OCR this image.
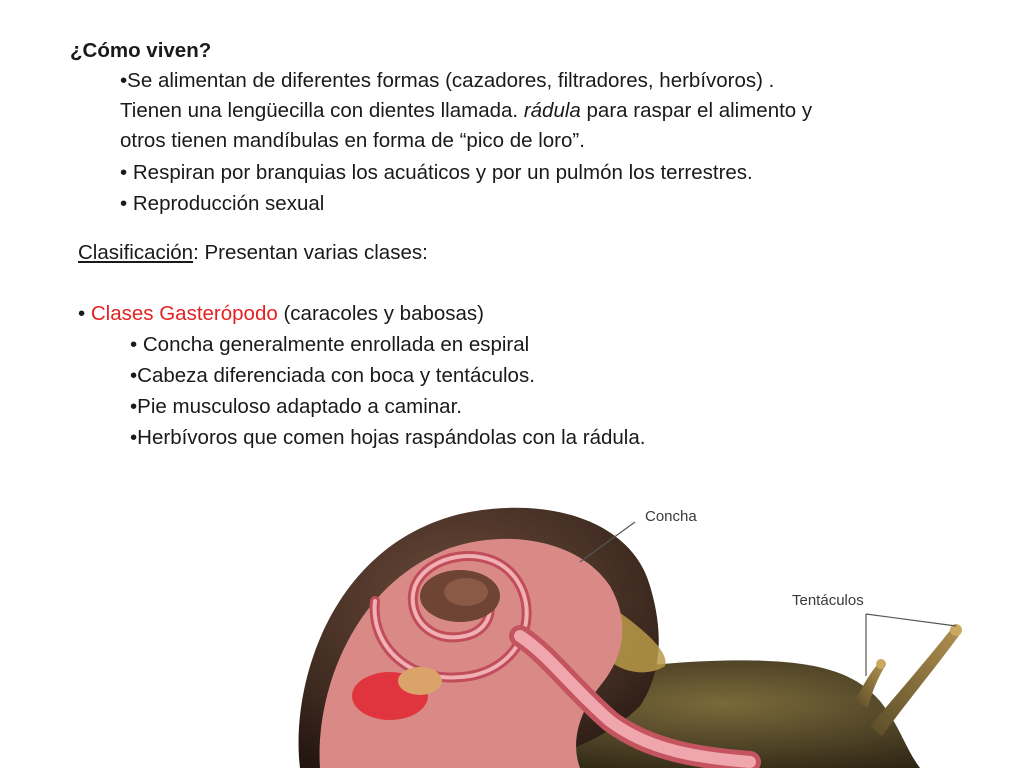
¿Cómo viven?
•Se alimentan de diferentes formas (cazadores, filtradores, herbívoros) .
Tienen una lengüecilla con dientes llamada. rádula para raspar el alimento y
otros tienen mandíbulas en forma de “pico de loro”.
• Respiran por branquias los acuáticos y por un pulmón los terrestres.
• Reproducción sexual
Clasificación: Presentan varias clases:
• Clases Gasterópodo (caracoles y babosas)
• Concha generalmente enrollada en espiral
•Cabeza diferenciada con boca y tentáculos.
•Pie musculoso adaptado a caminar.
•Herbívoros que comen hojas raspándolas con la rádula.
Concha
Tentáculos
